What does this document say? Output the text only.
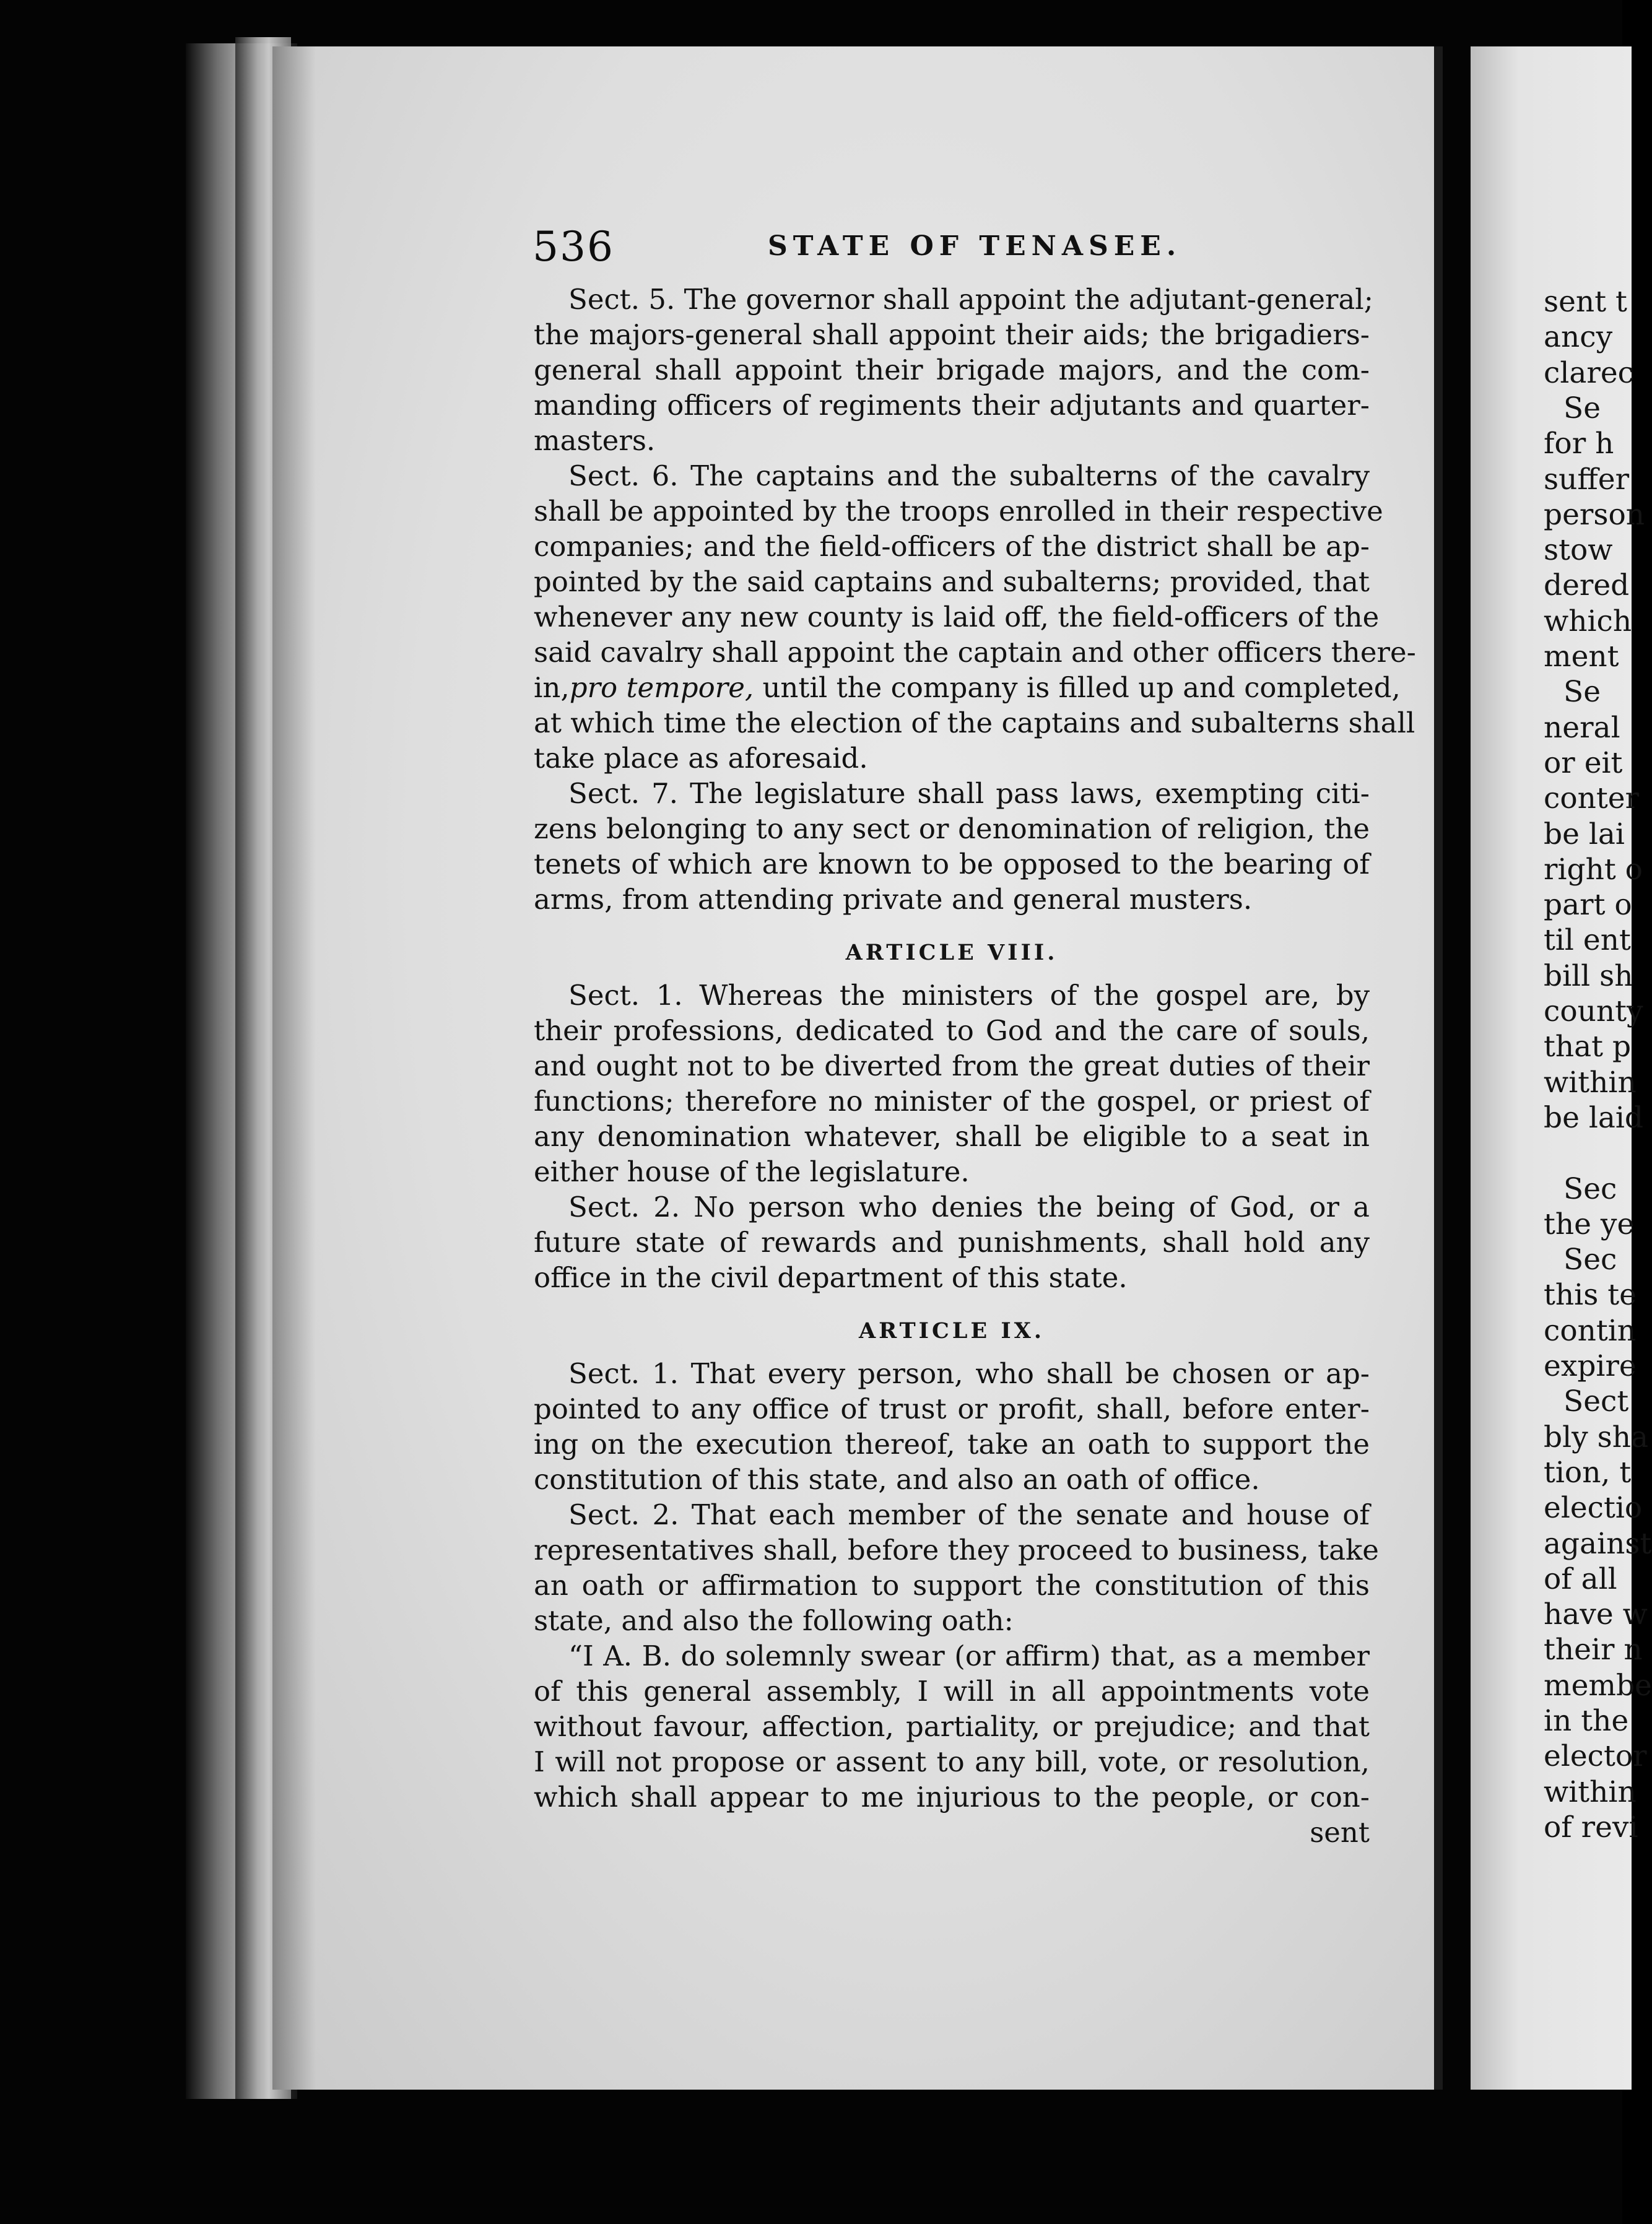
sent t
ancy
clarec
Se
for h
suffer
person
stow
dered
which
ment
Se
neral
or eit
conter
be lai
right o
part o
til ent
bill sh
county
that p
within
be laid
Sec
the ye
Sec
this te
contin
expire
Sect
bly sha
tion, t
electio
against
of all
have w
their n
membe
in the
elector
within
of revi
536	STATE OF TENASEE.
Sect. 5. The governor shall appoint the adjutant-general;
the majors-general shall appoint their aids; the brigadiers-
general shall appoint their brigade majors, and the com-
manding officers of regiments their adjutants and quarter-
masters.
Sect. 6. The captains and the subalterns of the cavalry
shall be appointed by the troops enrolled in their respective
companies; and the field-officers of the district shall be ap-
pointed by the said captains and subalterns; provided, that
whenever any new county is laid off, the field-officers of the
said cavalry shall appoint the captain and other officers there-
in,pro tempore, until the company is filled up and completed,
at which time the election of the captains and subalterns shall
take place as aforesaid.
Sect. 7. The legislature shall pass laws, exempting citi-
zens belonging to any sect or denomination of religion, the
tenets of which are known to be opposed to the bearing of
arms, from attending private and general musters.
ARTICLE VIII.
Sect. 1. Whereas the ministers of the gospel are, by
their professions, dedicated to God and the care of souls,
and ought not to be diverted from the great duties of their
functions; therefore no minister of the gospel, or priest of
any denomination whatever, shall be eligible to a seat in
either house of the legislature.
Sect. 2. No person who denies the being of God, or a
future state of rewards and punishments, shall hold any
office in the civil department of this state.
ARTICLE IX.
Sect. 1. That every person, who shall be chosen or ap-
pointed to any office of trust or profit, shall, before enter-
ing on the execution thereof, take an oath to support the
constitution of this state, and also an oath of office.
Sect. 2. That each member of the senate and house of
representatives shall, before they proceed to business, take
an oath or affirmation to support the constitution of this
state, and also the following oath:
“I A. B. do solemnly swear (or affirm) that, as a member
of this general assembly, I will in all appointments vote
without favour, affection, partiality, or prejudice; and that
I will not propose or assent to any bill, vote, or resolution,
which shall appear to me injurious to the people, or con-
sent
